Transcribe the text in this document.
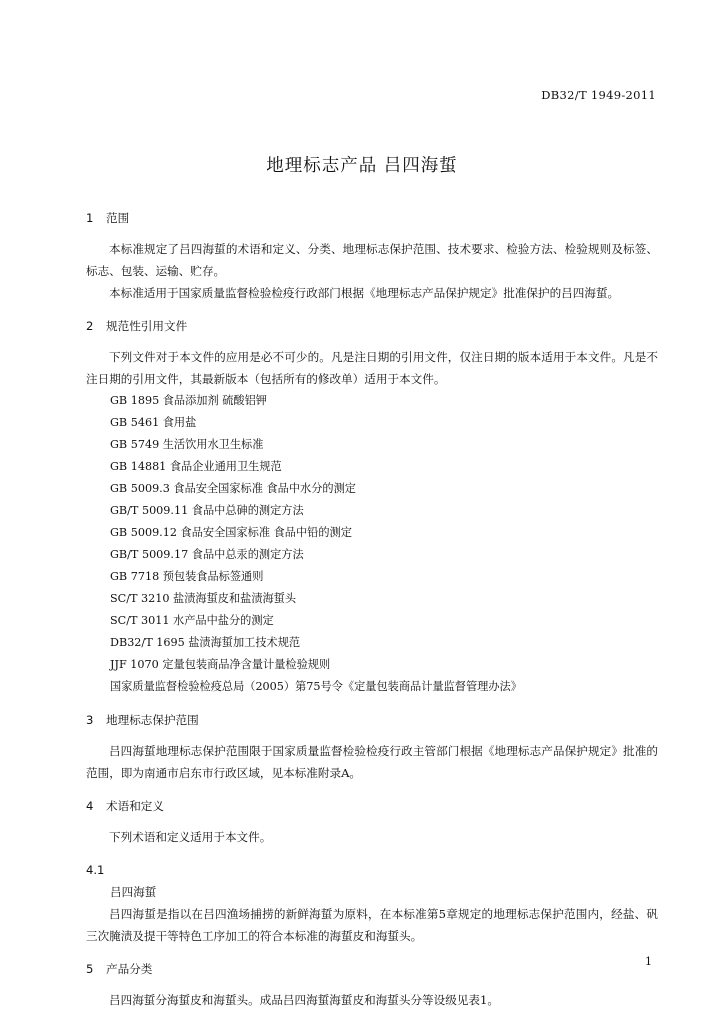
DB32/T 1949-2011
地理标志产品 吕四海蜇

1 范围

本标准规定了吕四海蜇的术语和定义、分类、地理标志保护范围、技术要求、检验方法、检验规则及标签、标志、包装、运输、贮存。

本标准适用于国家质量监督检验检疫行政部门根据《地理标志产品保护规定》批准保护的吕四海蜇。

2 规范性引用文件

下列文件对于本文件的应用是必不可少的。凡是注日期的引用文件，仅注日期的版本适用于本文件。凡是不注日期的引用文件，其最新版本（包括所有的修改单）适用于本文件。

GB 1895 食品添加剂 硫酸铝钾

GB 5461 食用盐

GB 5749 生活饮用水卫生标准

GB 14881 食品企业通用卫生规范

GB 5009.3 食品安全国家标准 食品中水分的测定

GB/T 5009.11 食品中总砷的测定方法

GB 5009.12 食品安全国家标准 食品中铅的测定

GB/T 5009.17 食品中总汞的测定方法

GB 7718 预包装食品标签通则

SC/T 3210 盐渍海蜇皮和盐渍海蜇头

SC/T 3011 水产品中盐分的测定

DB32/T 1695 盐渍海蜇加工技术规范

JJF 1070 定量包装商品净含量计量检验规则

国家质量监督检验检疫总局（2005）第75号令《定量包装商品计量监督管理办法》

3 地理标志保护范围

吕四海蜇地理标志保护范围限于国家质量监督检验检疫行政主管部门根据《地理标志产品保护规定》批准的范围，即为南通市启东市行政区域，见本标准附录A。

4 术语和定义

下列术语和定义适用于本文件。

4.1

吕四海蜇

吕四海蜇是指以在吕四渔场捕捞的新鲜海蜇为原料，在本标准第5章规定的地理标志保护范围内，经盐、矾三次腌渍及提干等特色工序加工的符合本标准的海蜇皮和海蜇头。

5 产品分类

吕四海蜇分海蜇皮和海蜇头。成品吕四海蜇海蜇皮和海蜇头分等设级见表1。

1
